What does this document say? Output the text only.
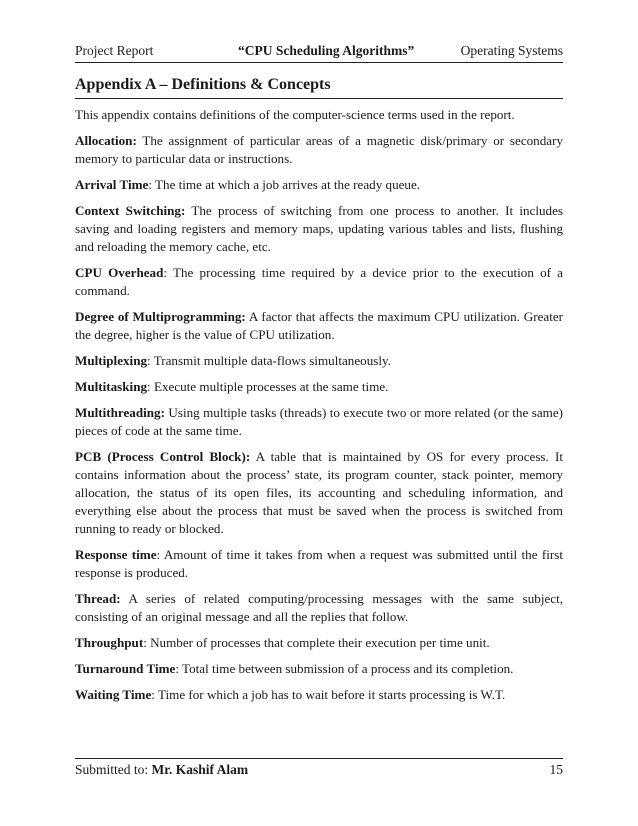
Project Report	“CPU Scheduling Algorithms”	Operating Systems
Appendix A – Definitions & Concepts

This appendix contains definitions of the computer-science terms used in the report.

Allocation: The assignment of particular areas of a magnetic disk/primary or secondary memory to particular data or instructions.

Arrival Time: The time at which a job arrives at the ready queue.

Context Switching: The process of switching from one process to another. It includes saving and loading registers and memory maps, updating various tables and lists, flushing and reloading the memory cache, etc.

CPU Overhead: The processing time required by a device prior to the execution of a command.

Degree of Multiprogramming: A factor that affects the maximum CPU utilization. Greater the degree, higher is the value of CPU utilization.

Multiplexing: Transmit multiple data-flows simultaneously.

Multitasking: Execute multiple processes at the same time.

Multithreading: Using multiple tasks (threads) to execute two or more related (or the same) pieces of code at the same time.

PCB (Process Control Block): A table that is maintained by OS for every process. It contains information about the process’ state, its program counter, stack pointer, memory allocation, the status of its open files, its accounting and scheduling information, and everything else about the process that must be saved when the process is switched from running to ready or blocked.

Response time: Amount of time it takes from when a request was submitted until the first response is produced.

Thread: A series of related computing/processing messages with the same subject, consisting of an original message and all the replies that follow.

Throughput: Number of processes that complete their execution per time unit.

Turnaround Time: Total time between submission of a process and its completion.

Waiting Time: Time for which a job has to wait before it starts processing is W.T.

Submitted to: Mr. Kashif Alam	15
